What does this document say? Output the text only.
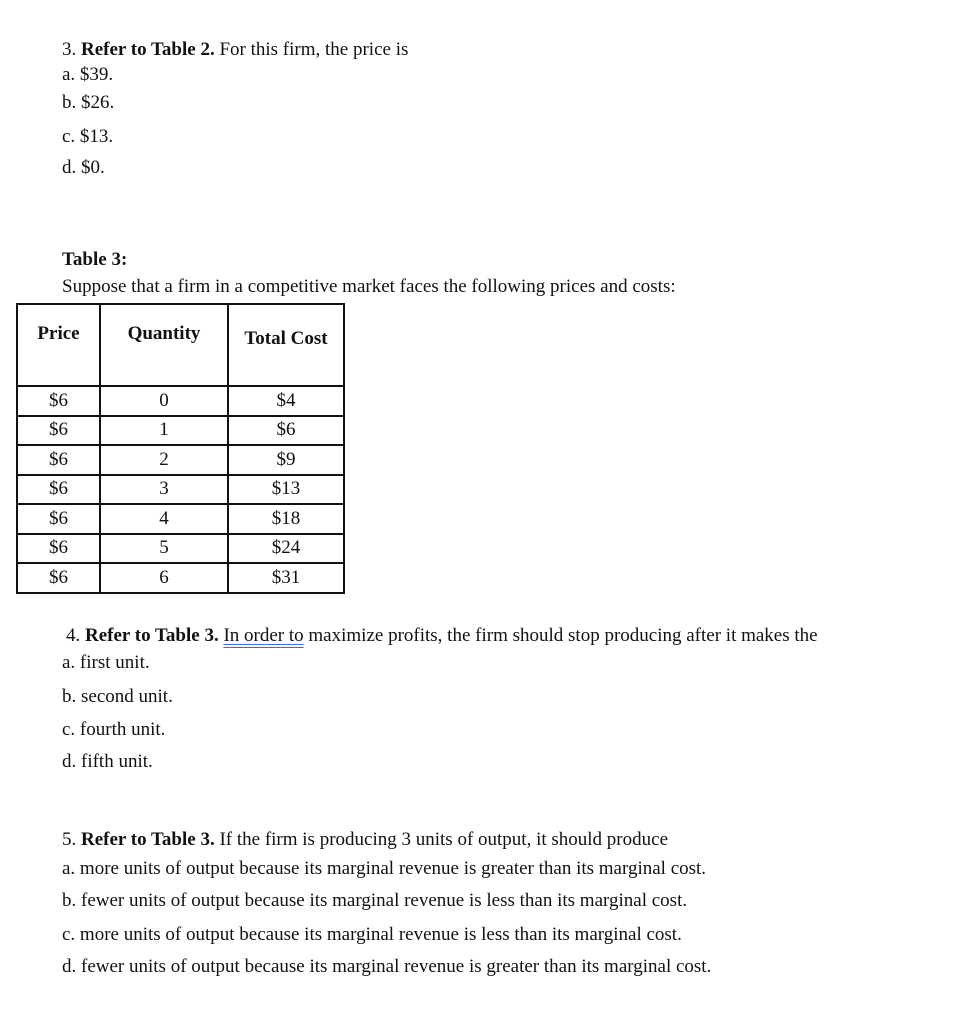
3. Refer to Table 2. For this firm, the price is
a. $39.
b. $26.
c. $13.
d. $0.
Table 3:
Suppose that a firm in a competitive market faces the following prices and costs:
Price	Quantity	Total Cost
$6	0	$4
$6	1	$6
$6	2	$9
$6	3	$13
$6	4	$18
$6	5	$24
$6	6	$31
4. Refer to Table 3. In order to maximize profits, the firm should stop producing after it makes the
a. first unit.
b. second unit.
c. fourth unit.
d. fifth unit.
5. Refer to Table 3. If the firm is producing 3 units of output, it should produce
a. more units of output because its marginal revenue is greater than its marginal cost.
b. fewer units of output because its marginal revenue is less than its marginal cost.
c. more units of output because its marginal revenue is less than its marginal cost.
d. fewer units of output because its marginal revenue is greater than its marginal cost.
